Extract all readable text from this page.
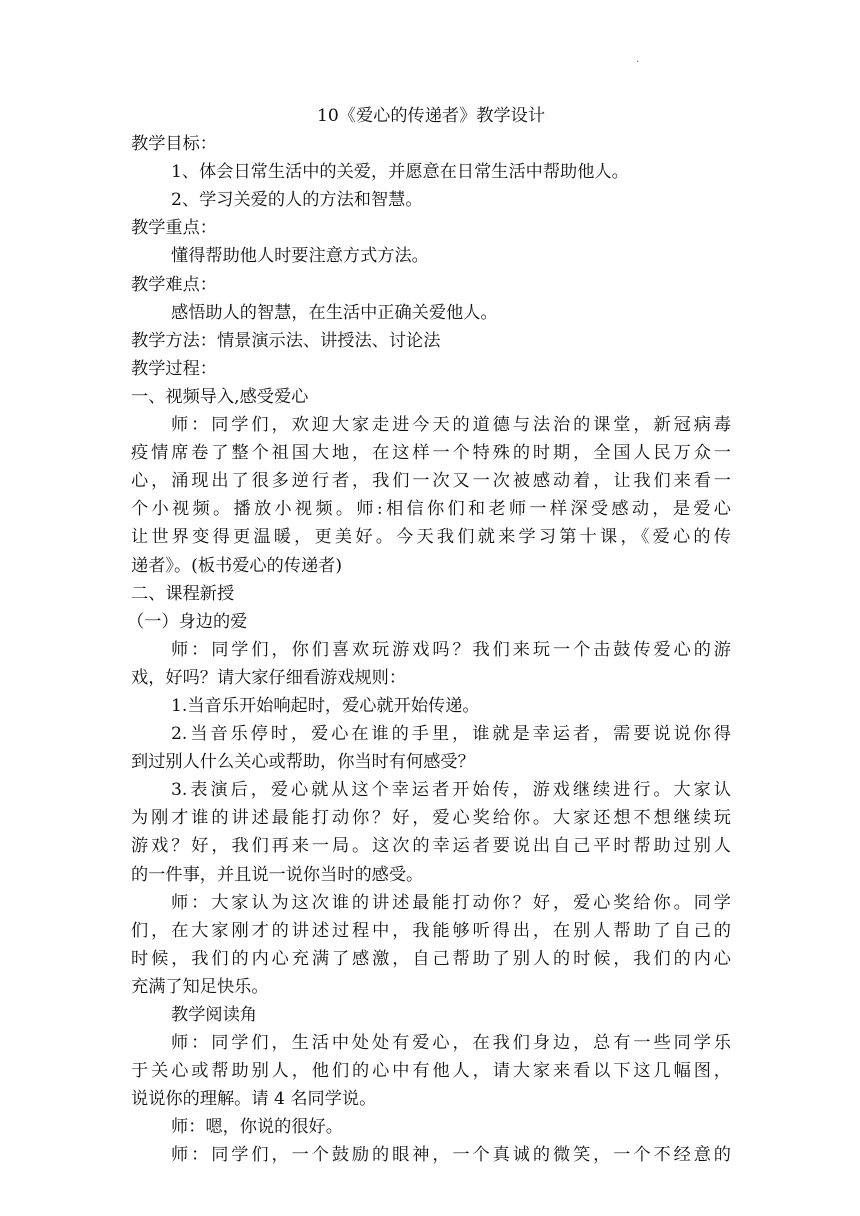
.
10《爱心的传递者》教学设计
教学目标：
1、体会日常生活中的关爱，并愿意在日常生活中帮助他人。
2、学习关爱的人的方法和智慧。
教学重点：
懂得帮助他人时要注意方式方法。
教学难点：
感悟助人的智慧，在生活中正确关爱他人。
教学方法：情景演示法、讲授法、讨论法
教学过程：
一、视频导入,感受爱心
师：同学们，欢迎大家走进今天的道德与法治的课堂，新冠病毒
疫情席卷了整个祖国大地，在这样一个特殊的时期，全国人民万众一
心，涌现出了很多逆行者，我们一次又一次被感动着，让我们来看一
个小视频。播放小视频。师:相信你们和老师一样深受感动，是爱心
让世界变得更温暖，更美好。今天我们就来学习第十课，《爱心的传
递者》。(板书爱心的传递者)
二、课程新授
（一）身边的爱
师：同学们，你们喜欢玩游戏吗？我们来玩一个击鼓传爱心的游
戏，好吗？请大家仔细看游戏规则：
1.当音乐开始响起时，爱心就开始传递。
2.当音乐停时，爱心在谁的手里，谁就是幸运者，需要说说你得
到过别人什么关心或帮助，你当时有何感受？
3.表演后，爱心就从这个幸运者开始传，游戏继续进行。大家认
为刚才谁的讲述最能打动你？好，爱心奖给你。大家还想不想继续玩
游戏？好，我们再来一局。这次的幸运者要说出自己平时帮助过别人
的一件事，并且说一说你当时的感受。
师：大家认为这次谁的讲述最能打动你？好，爱心奖给你。同学
们，在大家刚才的讲述过程中，我能够听得出，在别人帮助了自己的
时候，我们的内心充满了感激，自己帮助了别人的时候，我们的内心
充满了知足快乐。
教学阅读角
师：同学们，生活中处处有爱心，在我们身边，总有一些同学乐
于关心或帮助别人，他们的心中有他人，请大家来看以下这几幅图，
说说你的理解。请 4 名同学说。
师：嗯，你说的很好。
师：同学们，一个鼓励的眼神，一个真诚的微笑，一个不经意的
